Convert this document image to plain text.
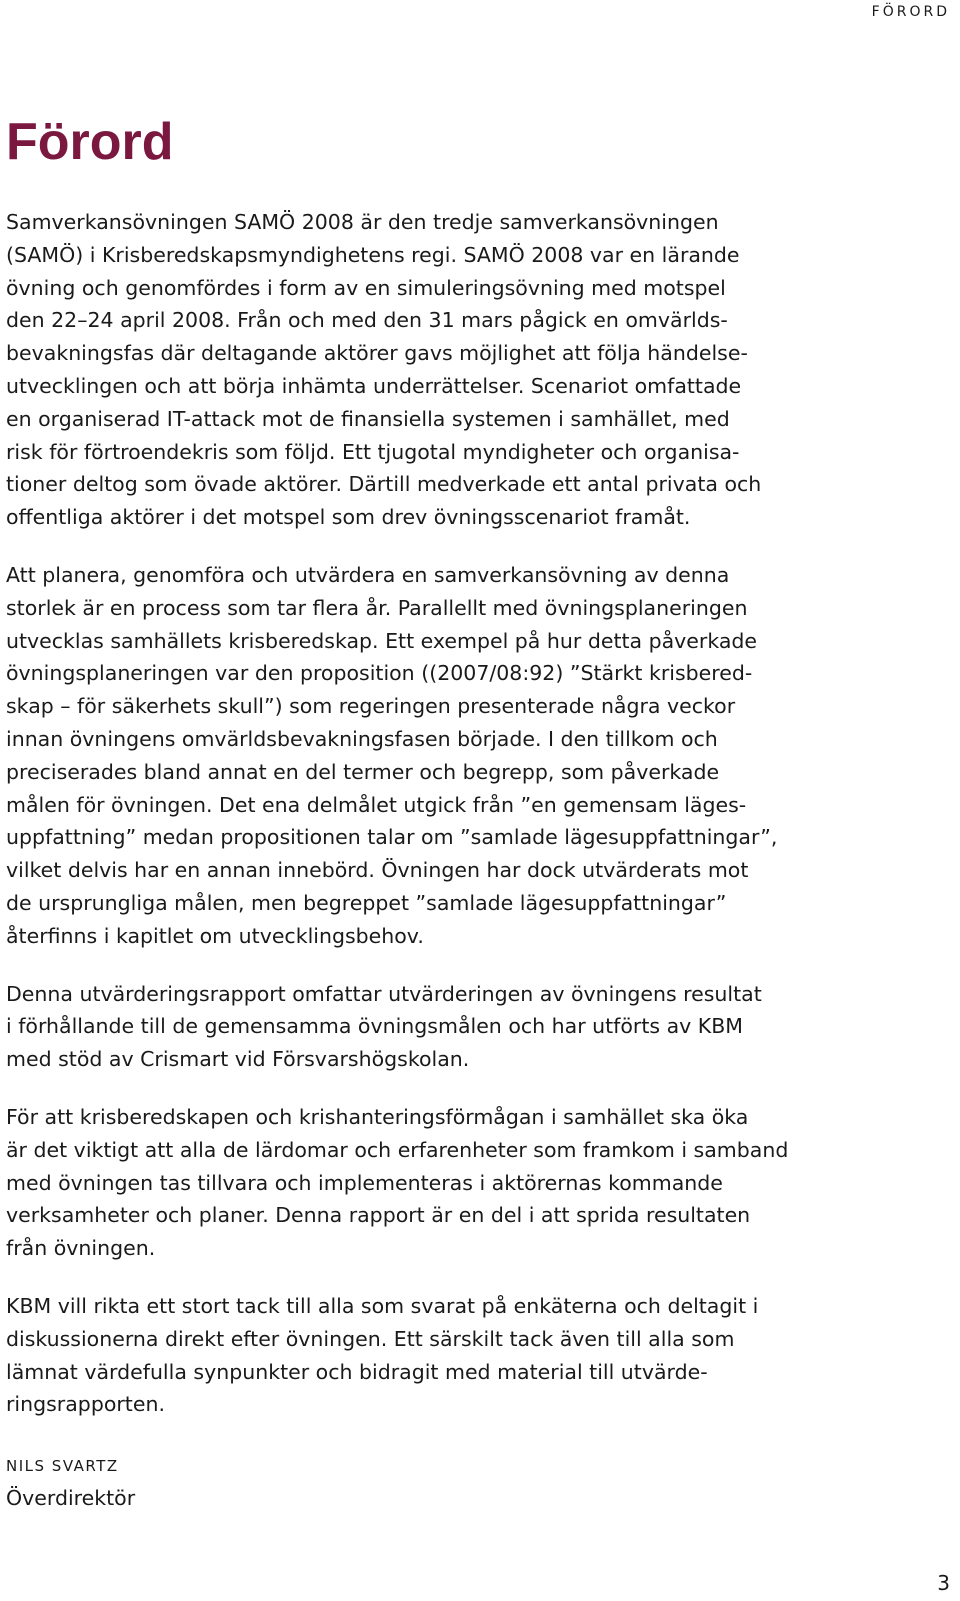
FÖRORD
Förord

Samverkansövningen SAMÖ 2008 är den tredje samverkansövningen
(SAMÖ) i Krisberedskapsmyndighetens regi. SAMÖ 2008 var en lärande
övning och genomfördes i form av en simuleringsövning med motspel
den 22–24 april 2008. Från och med den 31 mars pågick en omvärlds-
bevakningsfas där deltagande aktörer gavs möjlighet att följa händelse-
utvecklingen och att börja inhämta underrättelser. Scenariot omfattade
en organiserad IT-attack mot de finansiella systemen i samhället, med
risk för förtroendekris som följd. Ett tjugotal myndigheter och organisa-
tioner deltog som övade aktörer. Därtill medverkade ett antal privata och
offentliga aktörer i det motspel som drev övningsscenariot framåt.

Att planera, genomföra och utvärdera en samverkansövning av denna
storlek är en process som tar flera år. Parallellt med övningsplaneringen
utvecklas samhällets krisberedskap. Ett exempel på hur detta påverkade
övningsplaneringen var den proposition ((2007/08:92) ”Stärkt krisbered-
skap – för säkerhets skull”) som regeringen presenterade några veckor
innan övningens omvärldsbevakningsfasen började. I den tillkom och
preciserades bland annat en del termer och begrepp, som påverkade
målen för övningen. Det ena delmålet utgick från ”en gemensam läges-
uppfattning” medan propositionen talar om ”samlade lägesuppfattningar”,
vilket delvis har en annan innebörd. Övningen har dock utvärderats mot
de ursprungliga målen, men begreppet ”samlade lägesuppfattningar”
återfinns i kapitlet om utvecklingsbehov.

Denna utvärderingsrapport omfattar utvärderingen av övningens resultat
i förhållande till de gemensamma övningsmålen och har utförts av KBM
med stöd av Crismart vid Försvarshögskolan.

För att krisberedskapen och krishanteringsförmågan i samhället ska öka
är det viktigt att alla de lärdomar och erfarenheter som framkom i samband
med övningen tas tillvara och implementeras i aktörernas kommande
verksamheter och planer. Denna rapport är en del i att sprida resultaten
från övningen.

KBM vill rikta ett stort tack till alla som svarat på enkäterna och deltagit i
diskussionerna direkt efter övningen. Ett särskilt tack även till alla som
lämnat värdefulla synpunkter och bidragit med material till utvärde-
ringsrapporten.

NILS SVARTZ

Överdirektör

3
